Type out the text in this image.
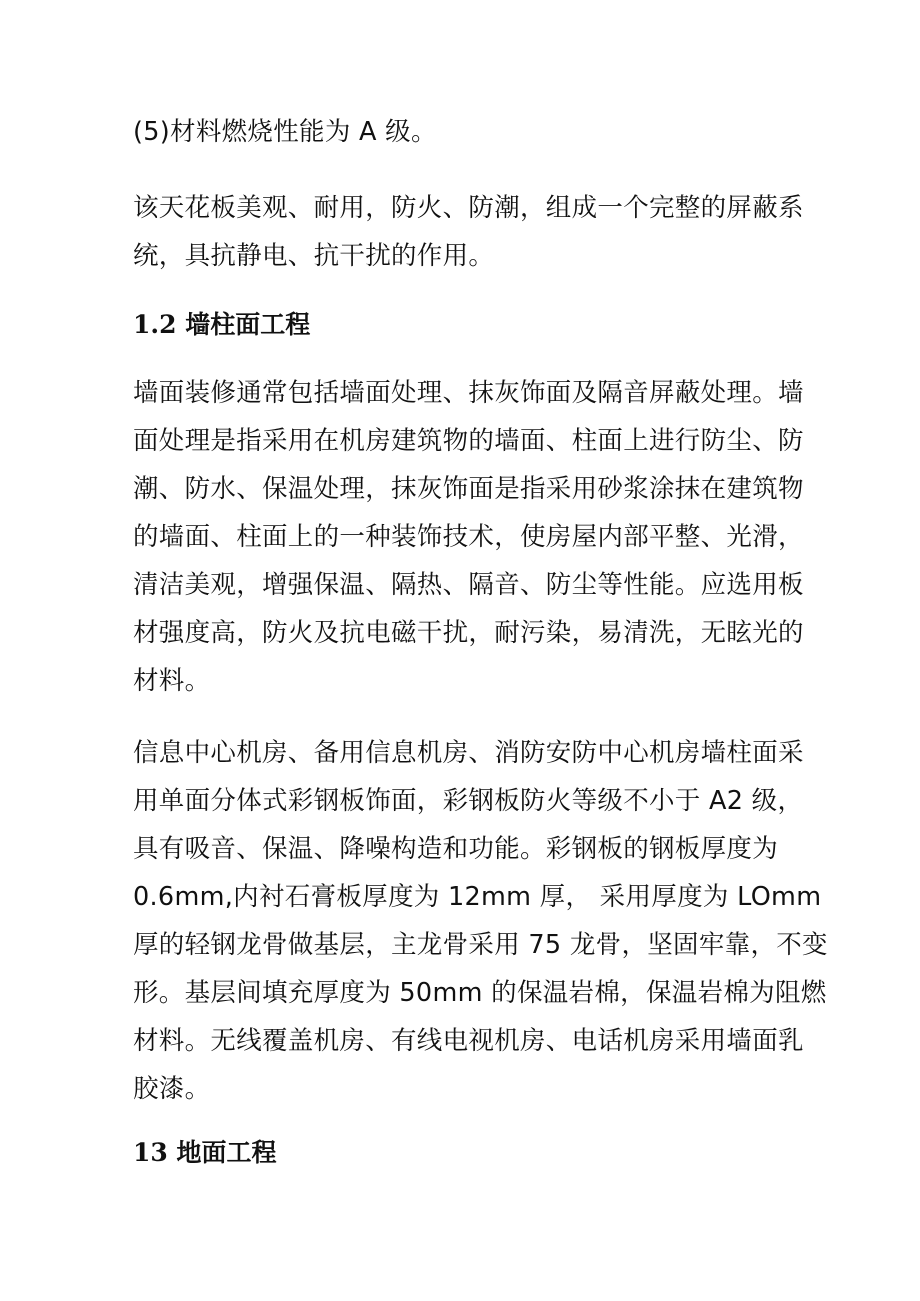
(5)材料燃烧性能为 A 级。
该天花板美观、耐用，防火、防潮，组成一个完整的屏蔽系
统，具抗静电、抗干扰的作用。
1.2 墙柱面工程
墙面装修通常包括墙面处理、抹灰饰面及隔音屏蔽处理。墙
面处理是指采用在机房建筑物的墙面、柱面上进行防尘、防
潮、防水、保温处理，抹灰饰面是指采用砂浆涂抹在建筑物
的墙面、柱面上的一种装饰技术，使房屋内部平整、光滑，
清洁美观，增强保温、隔热、隔音、防尘等性能。应选用板
材强度高，防火及抗电磁干扰，耐污染，易清洗，无眩光的
材料。
信息中心机房、备用信息机房、消防安防中心机房墙柱面采
用单面分体式彩钢板饰面，彩钢板防火等级不小于 A2 级，
具有吸音、保温、降噪构造和功能。彩钢板的钢板厚度为
0.6mm,内衬石膏板厚度为 12mm 厚， 采用厚度为 LOmm
厚的轻钢龙骨做基层，主龙骨采用 75 龙骨，坚固牢靠，不变
形。基层间填充厚度为 50mm 的保温岩棉，保温岩棉为阻燃
材料。无线覆盖机房、有线电视机房、电话机房采用墙面乳
胶漆。
13 地面工程
